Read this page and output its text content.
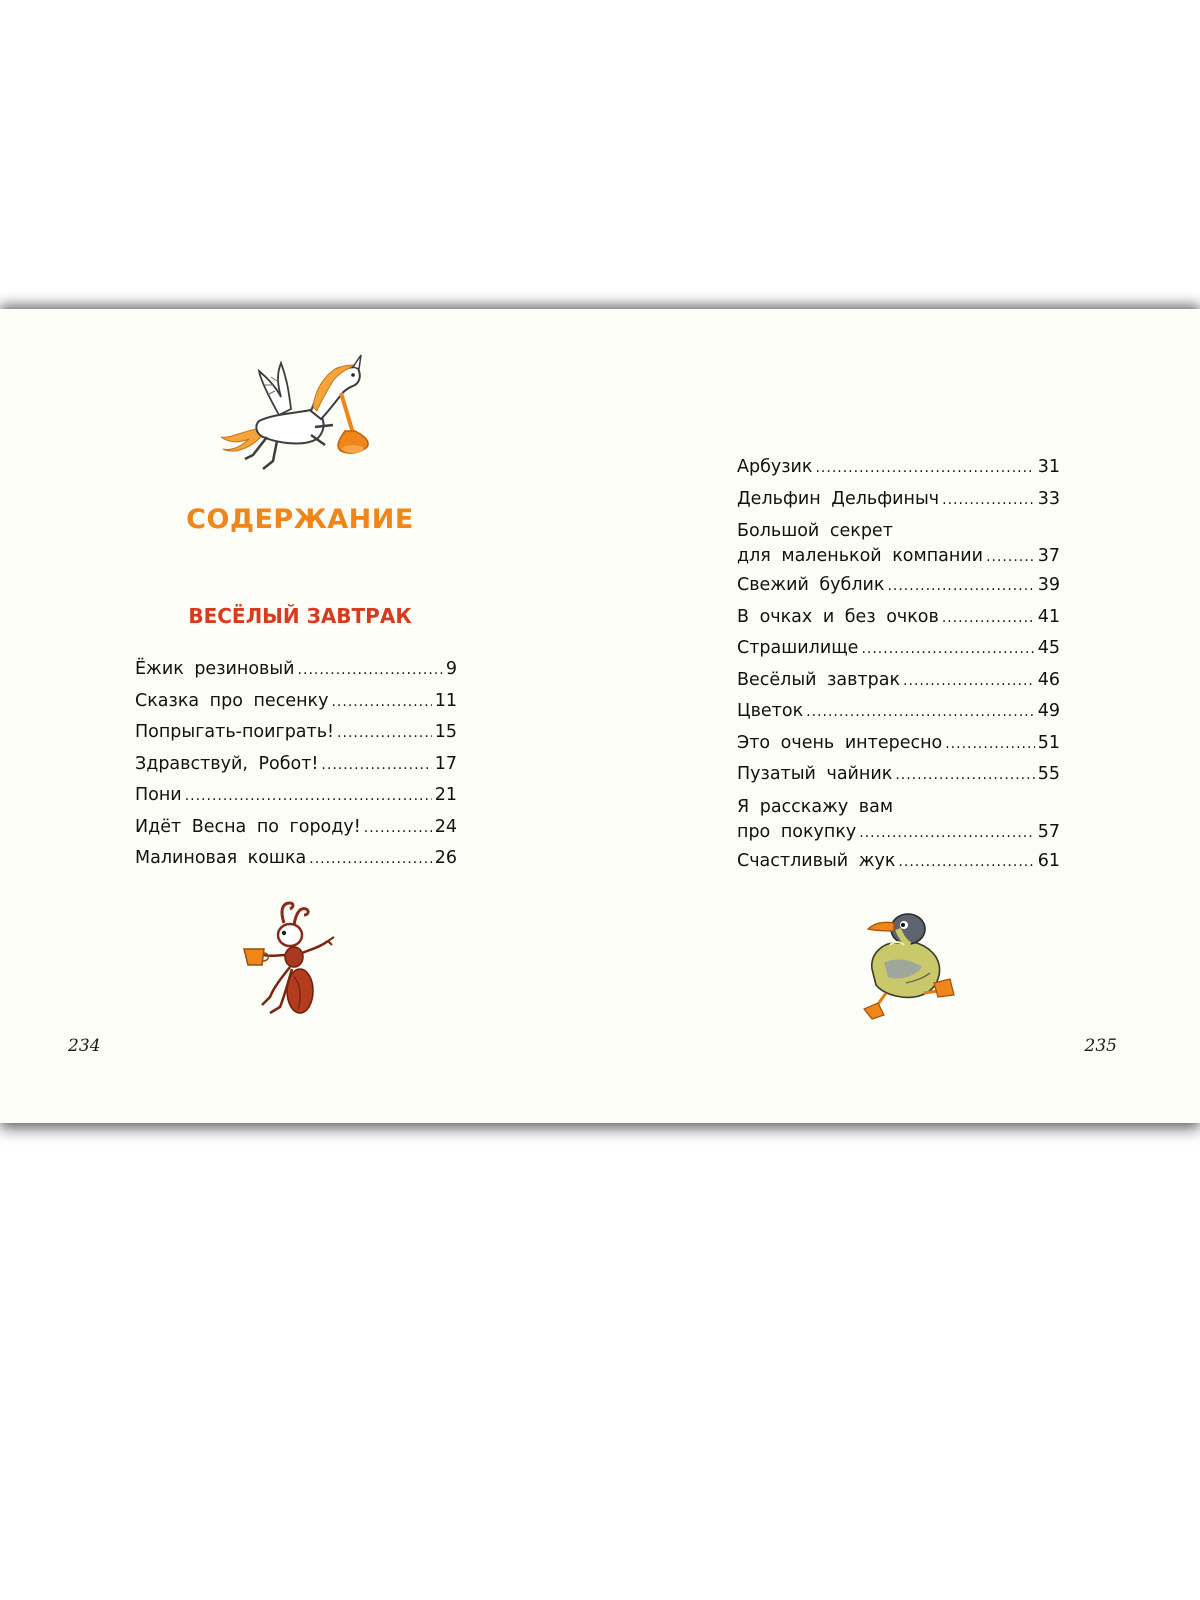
СОДЕРЖАНИЕ
ВЕСЁЛЫЙ ЗАВТРАК
Ёжик резиновый .....	9
Сказка про песенку .....	11
Попрыгать-поиграть! .....	15
Здравствуй, Робот! .....	17
Пони .....	21
Идёт Весна по городу! .....	24
Малиновая кошка .....	26

234

Арбузик .....	31
Дельфин Дельфиныч .....	33
Большой секрет
для маленькой компании .....	37
Свежий бублик .....	39
В очках и без очков .....	41
Страшилище .....	45
Весёлый завтрак .....	46
Цветок .....	49
Это очень интересно .....	51
Пузатый чайник .....	55
Я расскажу вам
про покупку .....	57
Счастливый жук .....	61

235
